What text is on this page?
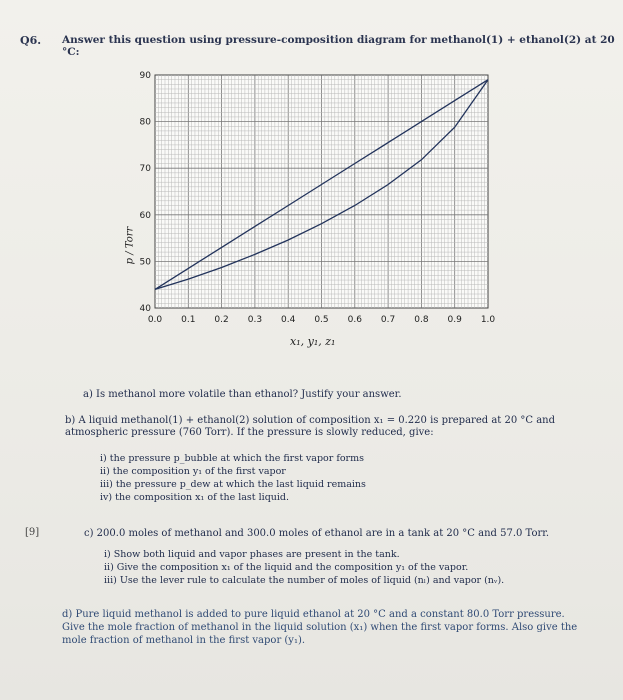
Q6. Answer this question using pressure-composition diagram for methanol(1) + ethanol(2) at 20 °C:
0.0 0.1 0.2 0.3 0.4 0.5 0.6 0.7 0.8 0.9 1.0
40
50
60
70
80
90
p / Torr
x₁, y₁, z₁
a) Is methanol more volatile than ethanol? Justify your answer.
b) A liquid methanol(1) + ethanol(2) solution of composition x₁ = 0.220 is prepared at 20 °C and atmospheric pressure (760 Torr). If the pressure is slowly reduced, give:
i) the pressure p_bubble at which the first vapor forms
ii) the composition y₁ of the first vapor
iii) the pressure p_dew at which the last liquid remains
iv) the composition x₁ of the last liquid.
[9]	c) 200.0 moles of methanol and 300.0 moles of ethanol are in a tank at 20 °C and 57.0 Torr.
i) Show both liquid and vapor phases are present in the tank.
ii) Give the composition x₁ of the liquid and the composition y₁ of the vapor.
iii) Use the lever rule to calculate the number of moles of liquid (nₗ) and vapor (nᵥ).
d) Pure liquid methanol is added to pure liquid ethanol at 20 °C and a constant 80.0 Torr pressure. Give the mole fraction of methanol in the liquid solution (x₁) when the first vapor forms. Also give the mole fraction of methanol in the first vapor (y₁).
